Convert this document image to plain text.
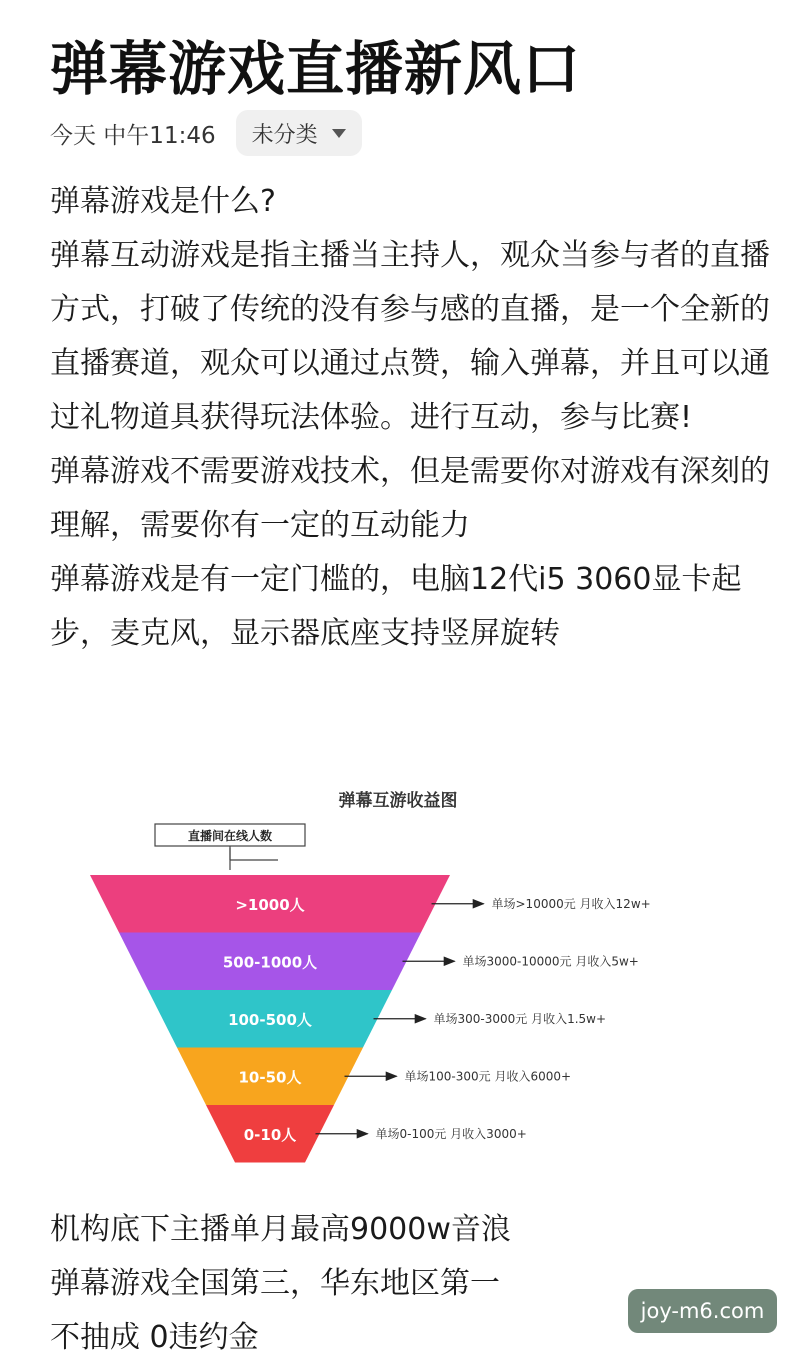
弹幕游戏直播新风口
今天 中午11:46 未分类

弹幕游戏是什么?

弹幕互动游戏是指主播当主持人，观众当参与者的直播方式，打破了传统的没有参与感的直播，是一个全新的直播赛道，观众可以通过点赞，输入弹幕，并且可以通过礼物道具获得玩法体验。进行互动，参与比赛!

弹幕游戏不需要游戏技术，但是需要你对游戏有深刻的理解，需要你有一定的互动能力

弹幕游戏是有一定门槛的，电脑12代i5 3060显卡起步，麦克风，显示器底座支持竖屏旋转

弹幕互游收益图
直播间在线人数
>1000人	单场>10000元 月收入12w+
500-1000人	单场3000-10000元 月收入5w+
100-500人	单场300-3000元 月收入1.5w+
10-50人	单场100-300元 月收入6000+
0-10人	单场0-100元 月收入3000+

机构底下主播单月最高9000w音浪

弹幕游戏全国第三，华东地区第一

不抽成 0违约金

joy-m6.com
